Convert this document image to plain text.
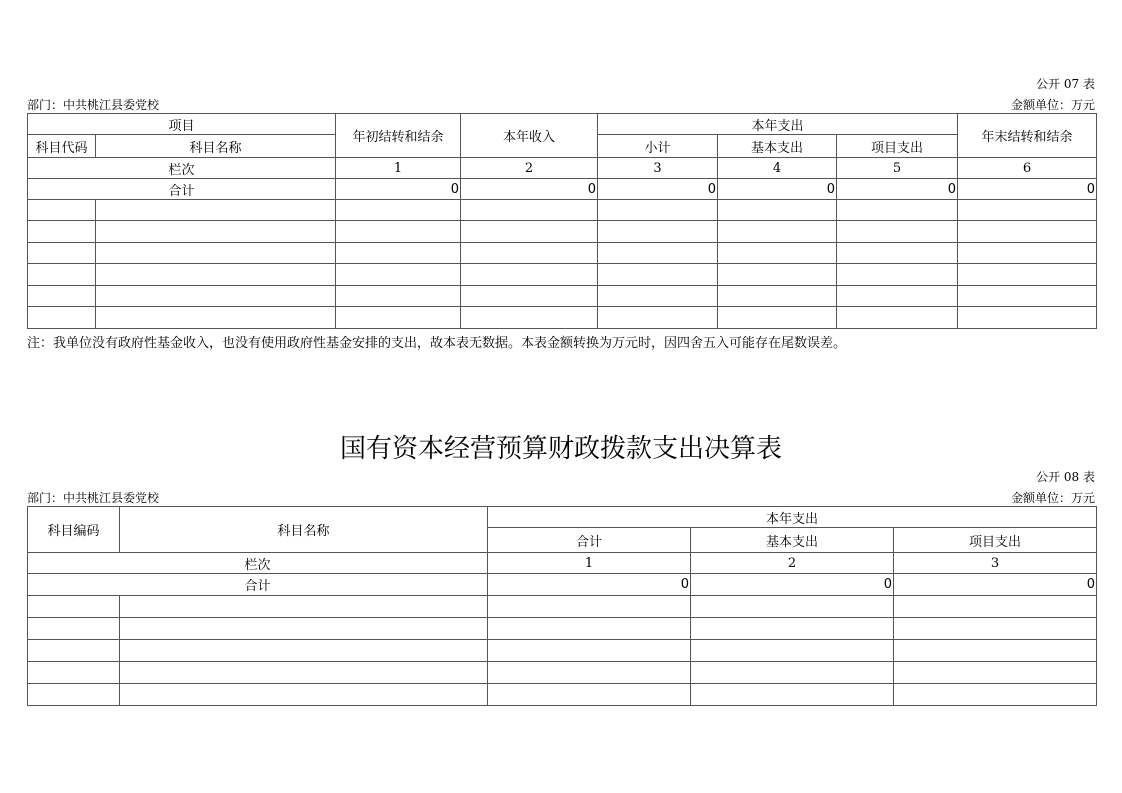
公开 07 表
部门：中共桃江县委党校	金额单位：万元
项目		年初结转和结余	本年收入	本年支出			年末结转和结余
科目代码	科目名称			小计	基本支出	项目支出	
栏次		1	2	3	4	5	6
合计		0	0	0	0	0	0

注：我单位没有政府性基金收入，也没有使用政府性基金安排的支出，故本表无数据。本表金额转换为万元时，因四舍五入可能存在尾数误差。
国有资本经营预算财政拨款支出决算表
公开 08 表
部门：中共桃江县委党校	金额单位：万元
科目编码	科目名称	本年支出		
		合计	基本支出	项目支出
栏次		1	2	3
合计		0	0	0
